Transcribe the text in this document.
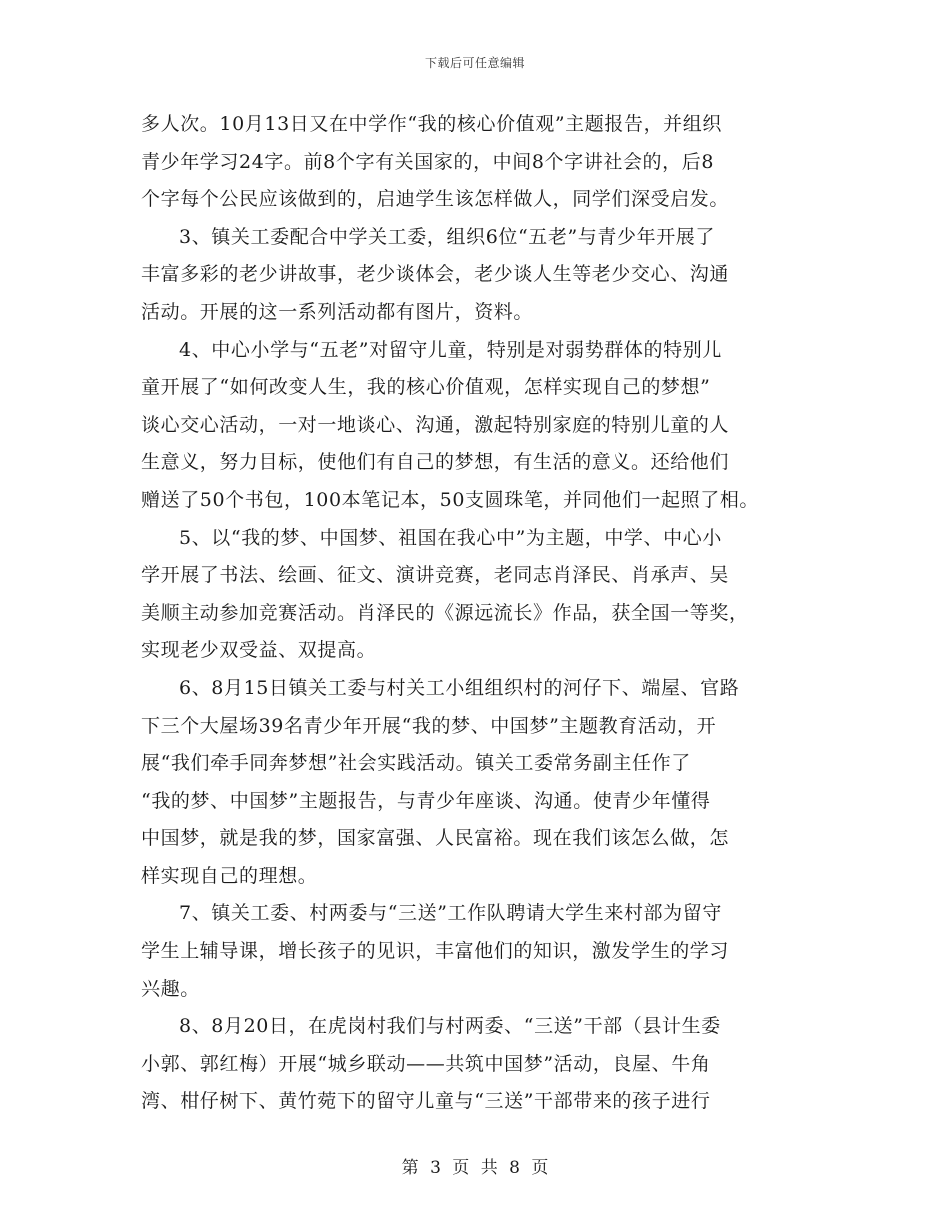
下载后可任意编辑
多人次。10月13日又在中学作“我的核心价值观”主题报告，并组织
青少年学习24字。前8个字有关国家的，中间8个字讲社会的，后8
个字每个公民应该做到的，启迪学生该怎样做人，同学们深受启发。
3、镇关工委配合中学关工委，组织6位“五老”与青少年开展了
丰富多彩的老少讲故事，老少谈体会，老少谈人生等老少交心、沟通
活动。开展的这一系列活动都有图片，资料。
4、中心小学与“五老”对留守儿童，特别是对弱势群体的特别儿
童开展了“如何改变人生，我的核心价值观，怎样实现自己的梦想”
谈心交心活动，一对一地谈心、沟通，激起特别家庭的特别儿童的人
生意义，努力目标，使他们有自己的梦想，有生活的意义。还给他们
赠送了50个书包，100本笔记本，50支圆珠笔，并同他们一起照了相。
5、以“我的梦、中国梦、祖国在我心中”为主题，中学、中心小
学开展了书法、绘画、征文、演讲竞赛，老同志肖泽民、肖承声、吴
美顺主动参加竞赛活动。肖泽民的《源远流长》作品，获全国一等奖，
实现老少双受益、双提高。
6、8月15日镇关工委与村关工小组组织村的河仔下、端屋、官路
下三个大屋场39名青少年开展“我的梦、中国梦”主题教育活动，开
展“我们牵手同奔梦想”社会实践活动。镇关工委常务副主任作了
“我的梦、中国梦”主题报告，与青少年座谈、沟通。使青少年懂得
中国梦，就是我的梦，国家富强、人民富裕。现在我们该怎么做，怎
样实现自己的理想。
7、镇关工委、村两委与“三送”工作队聘请大学生来村部为留守
学生上辅导课，增长孩子的见识，丰富他们的知识，激发学生的学习
兴趣。
8、8月20日，在虎岗村我们与村两委、“三送”干部（县计生委
小郭、郭红梅）开展“城乡联动——共筑中国梦”活动，良屋、牛角
湾、柑仔树下、黄竹菀下的留守儿童与“三送”干部带来的孩子进行
第 3 页 共 8 页
